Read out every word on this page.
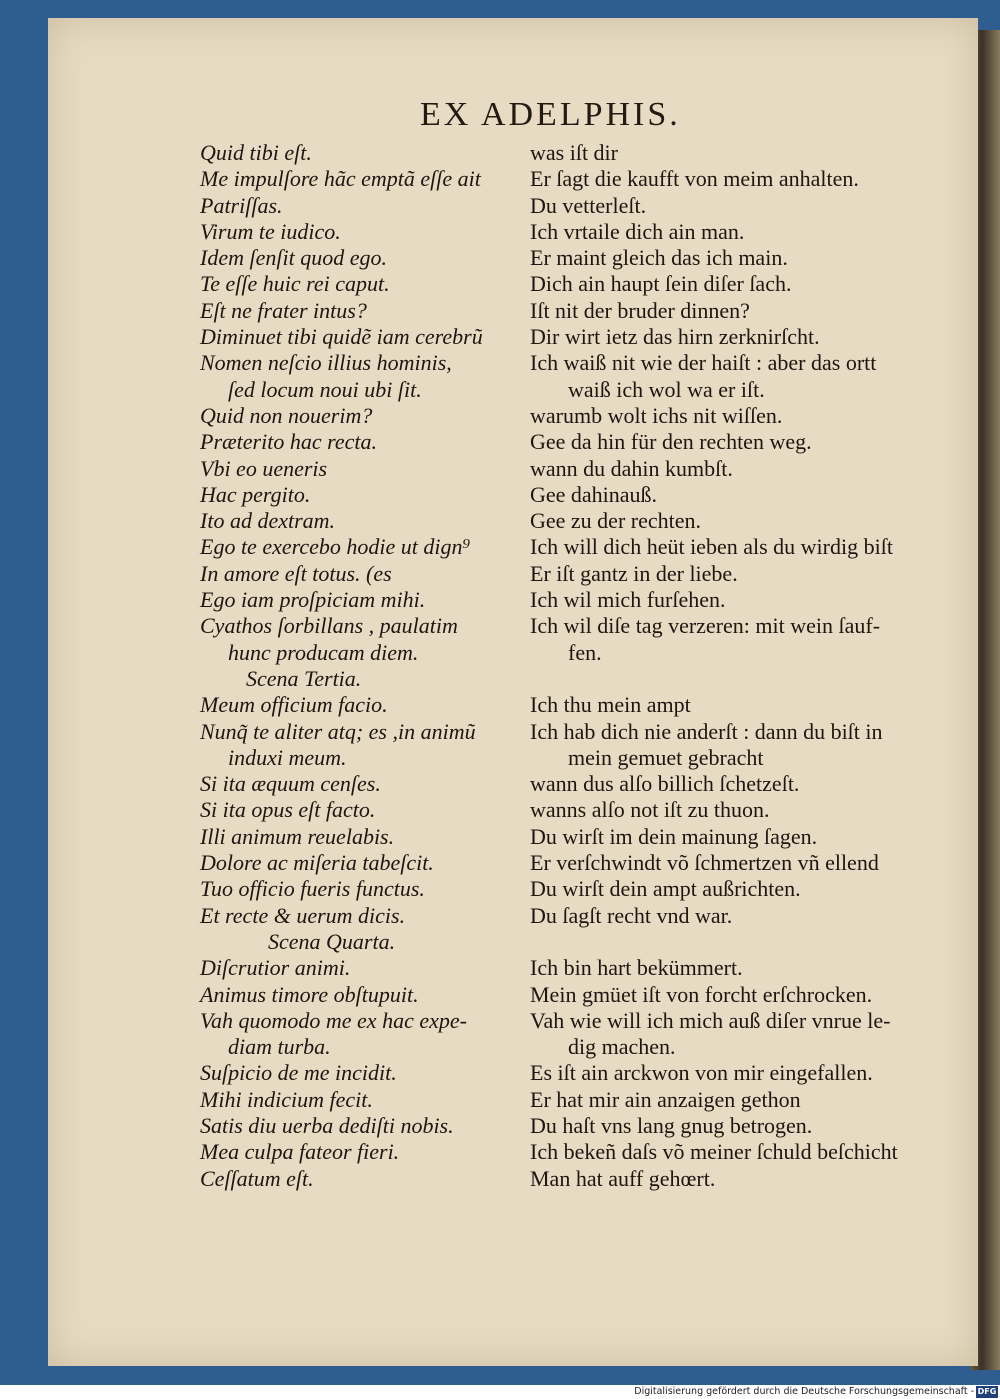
EX ADELPHIS.
Quid tibi eſt.
Me impulſore hãc emptã eſſe ait
Patriſſas.
Virum te iudico.
Idem ſenſit quod ego.
Te eſſe huic rei caput.
Eſt ne frater intus?
Diminuet tibi quidẽ iam cerebrũ
Nomen neſcio illius hominis,
ſed locum noui ubi ſit.
Quid non nouerim?
Præterito hac recta.
Vbi eo ueneris
Hac pergito.
Ito ad dextram.
Ego te exercebo hodie ut dign⁹
In amore eſt totus. (es
Ego iam proſpiciam mihi.
Cyathos ſorbillans , paulatim
hunc producam diem.
Scena Tertia.
Meum officium facio.
Nunq̃ te aliter atq; es ,in animũ
induxi meum.
Si ita æquum cenſes.
Si ita opus eſt facto.
Illi animum reuelabis.
Dolore ac miſeria tabeſcit.
Tuo officio fueris functus.
Et recte & uerum dicis.
Scena Quarta.
Diſcrutior animi.
Animus timore obſtupuit.
Vah quomodo me ex hac expe-
diam turba.
Suſpicio de me incidit.
Mihi indicium fecit.
Satis diu uerba dediſti nobis.
Mea culpa fateor fieri.
Ceſſatum eſt.
was iſt dir
Er ſagt die kaufft von meim anhalten.
Du vetterleſt.
Ich vrtaile dich ain man.
Er maint gleich das ich main.
Dich ain haupt ſein diſer ſach.
Iſt nit der bruder dinnen?
Dir wirt ietz das hirn zerknirſcht.
Ich waiß nit wie der haiſt : aber das ortt
waiß ich wol wa er iſt.
warumb wolt ichs nit wiſſen.
Gee da hin für den rechten weg.
wann du dahin kumbſt.
Gee dahinauß.
Gee zu der rechten.
Ich will dich heüt ieben als du wirdig biſt
Er iſt gantz in der liebe.
Ich wil mich furſehen.
Ich wil diſe tag verzeren: mit wein ſauf-
fen.
Ich thu mein ampt
Ich hab dich nie anderſt : dann du biſt in
mein gemuet gebracht
wann dus alſo billich ſchetzeſt.
wanns alſo not iſt zu thuon.
Du wirſt im dein mainung ſagen.
Er verſchwindt võ ſchmertzen vñ ellend
Du wirſt dein ampt außrichten.
Du ſagſt recht vnd war.
Ich bin hart bekümmert.
Mein gmüet iſt von forcht erſchrocken.
Vah wie will ich mich auß diſer vnrue le-
dig machen.
Es iſt ain arckwon von mir eingefallen.
Er hat mir ain anzaigen gethon
Du haſt vns lang gnug betrogen.
Ich bekeñ daſs võ meiner ſchuld beſchicht
Man hat auff gehœrt.
Digitalisierung gefördert durch die Deutsche Forschungsgemeinschaft - DFG
